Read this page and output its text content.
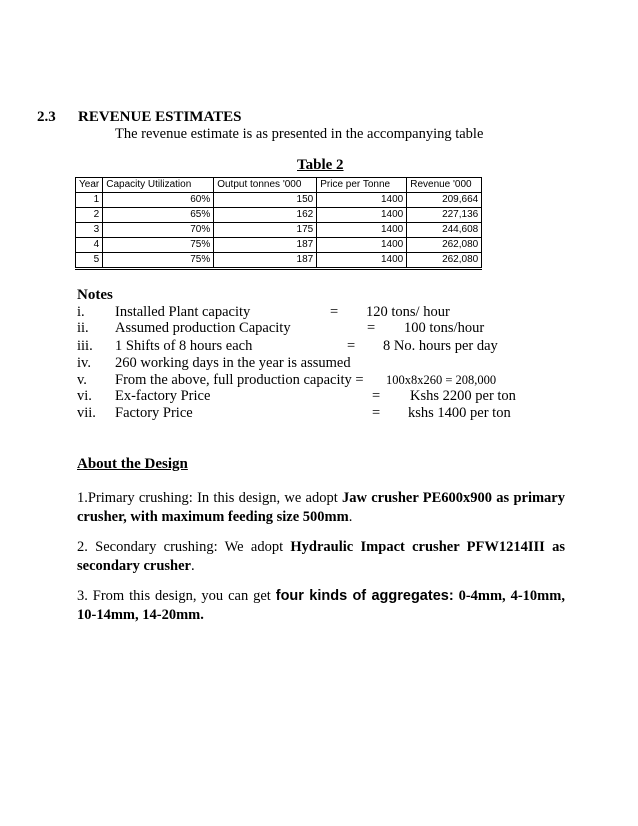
2.3 REVENUE ESTIMATES
The revenue estimate is as presented in the accompanying table
Table 2
Year	Capacity Utilization	Output tonnes '000	Price per Tonne	Revenue '000
1	60%	150	1400	209,664
2	65%	162	1400	227,136
3	70%	175	1400	244,608
4	75%	187	1400	262,080
5	75%	187	1400	262,080
Notes
i. Installed Plant capacity	= 120 tons/ hour
ii. Assumed production Capacity	= 100 tons/hour
iii. 1 Shifts of 8 hours each	= 8 No. hours per day
iv. 260 working days in the year is assumed
v. From the above, full production capacity = 100x8x260 = 208,000
vi. Ex-factory Price	= Kshs 2200 per ton
vii. Factory Price	= kshs 1400 per ton
About the Design
1.Primary crushing: In this design, we adopt Jaw crusher PE600x900 as primary crusher, with maximum feeding size 500mm.
2. Secondary crushing: We adopt Hydraulic Impact crusher PFW1214III as secondary crusher.
3. From this design, you can get four kinds of aggregates: 0-4mm, 4-10mm, 10-14mm, 14-20mm.
